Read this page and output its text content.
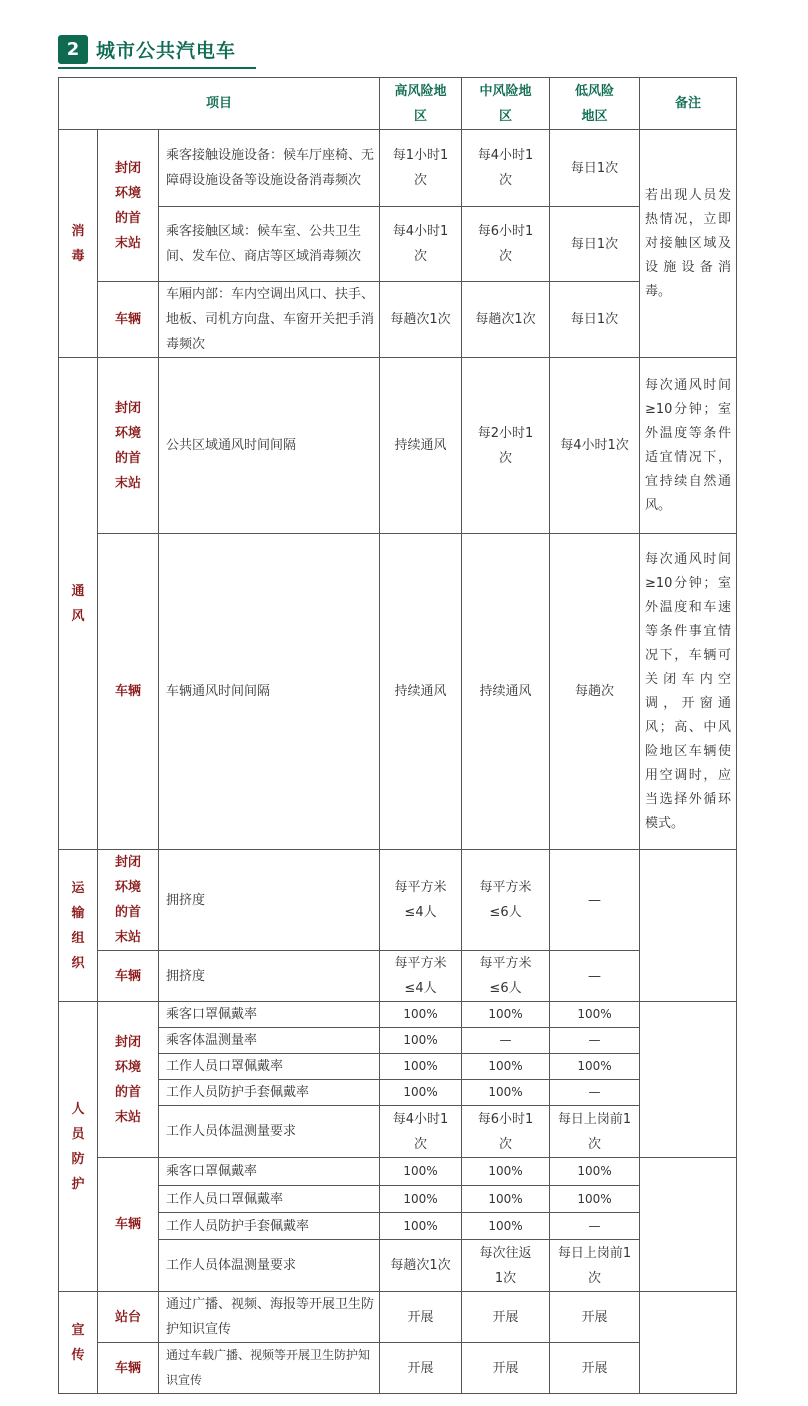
2 城市公共汽电车
项目			高风险地区	中风险地区	低风险地区	备注
消毒	封闭环境的首末站	乘客接触设施设备：候车厅座椅、无障碍设施设备等设施设备消毒频次	每1小时1次	每4小时1次	每日1次	若出现人员发热情况，立即对接触区域及设施设备消毒。
		乘客接触区域：候车室、公共卫生间、发车位、商店等区域消毒频次	每4小时1次	每6小时1次	每日1次	
	车辆	车厢内部：车内空调出风口、扶手、地板、司机方向盘、车窗开关把手消毒频次	每趟次1次	每趟次1次	每日1次	
通风	封闭环境的首末站	公共区域通风时间间隔	持续通风	每2小时1次	每4小时1次	每次通风时间≥10分钟；室外温度等条件适宜情况下，宜持续自然通风。
	车辆	车辆通风时间间隔	持续通风	持续通风	每趟次	每次通风时间≥10分钟；室外温度和车速等条件事宜情况下，车辆可关闭车内空调，开窗通风；高、中风险地区车辆使用空调时，应当选择外循环模式。
运输组织	封闭环境的首末站	拥挤度	每平方米≤4人	每平方米≤6人	—	
	车辆	拥挤度	每平方米≤4人	每平方米≤6人	—	
人员防护	封闭环境的首末站	乘客口罩佩戴率	100%	100%	100%	
		乘客体温测量率	100%	—	—	
		工作人员口罩佩戴率	100%	100%	100%	
		工作人员防护手套佩戴率	100%	100%	—	
		工作人员体温测量要求	每4小时1次	每6小时1次	每日上岗前1次	
	车辆	乘客口罩佩戴率	100%	100%	100%	
		工作人员口罩佩戴率	100%	100%	100%	
		工作人员防护手套佩戴率	100%	100%	—	
		工作人员体温测量要求	每趟次1次	每次往返1次	每日上岗前1次	
宣传	站台	通过广播、视频、海报等开展卫生防护知识宣传	开展	开展	开展	
	车辆	通过车载广播、视频等开展卫生防护知识宣传	开展	开展	开展	
